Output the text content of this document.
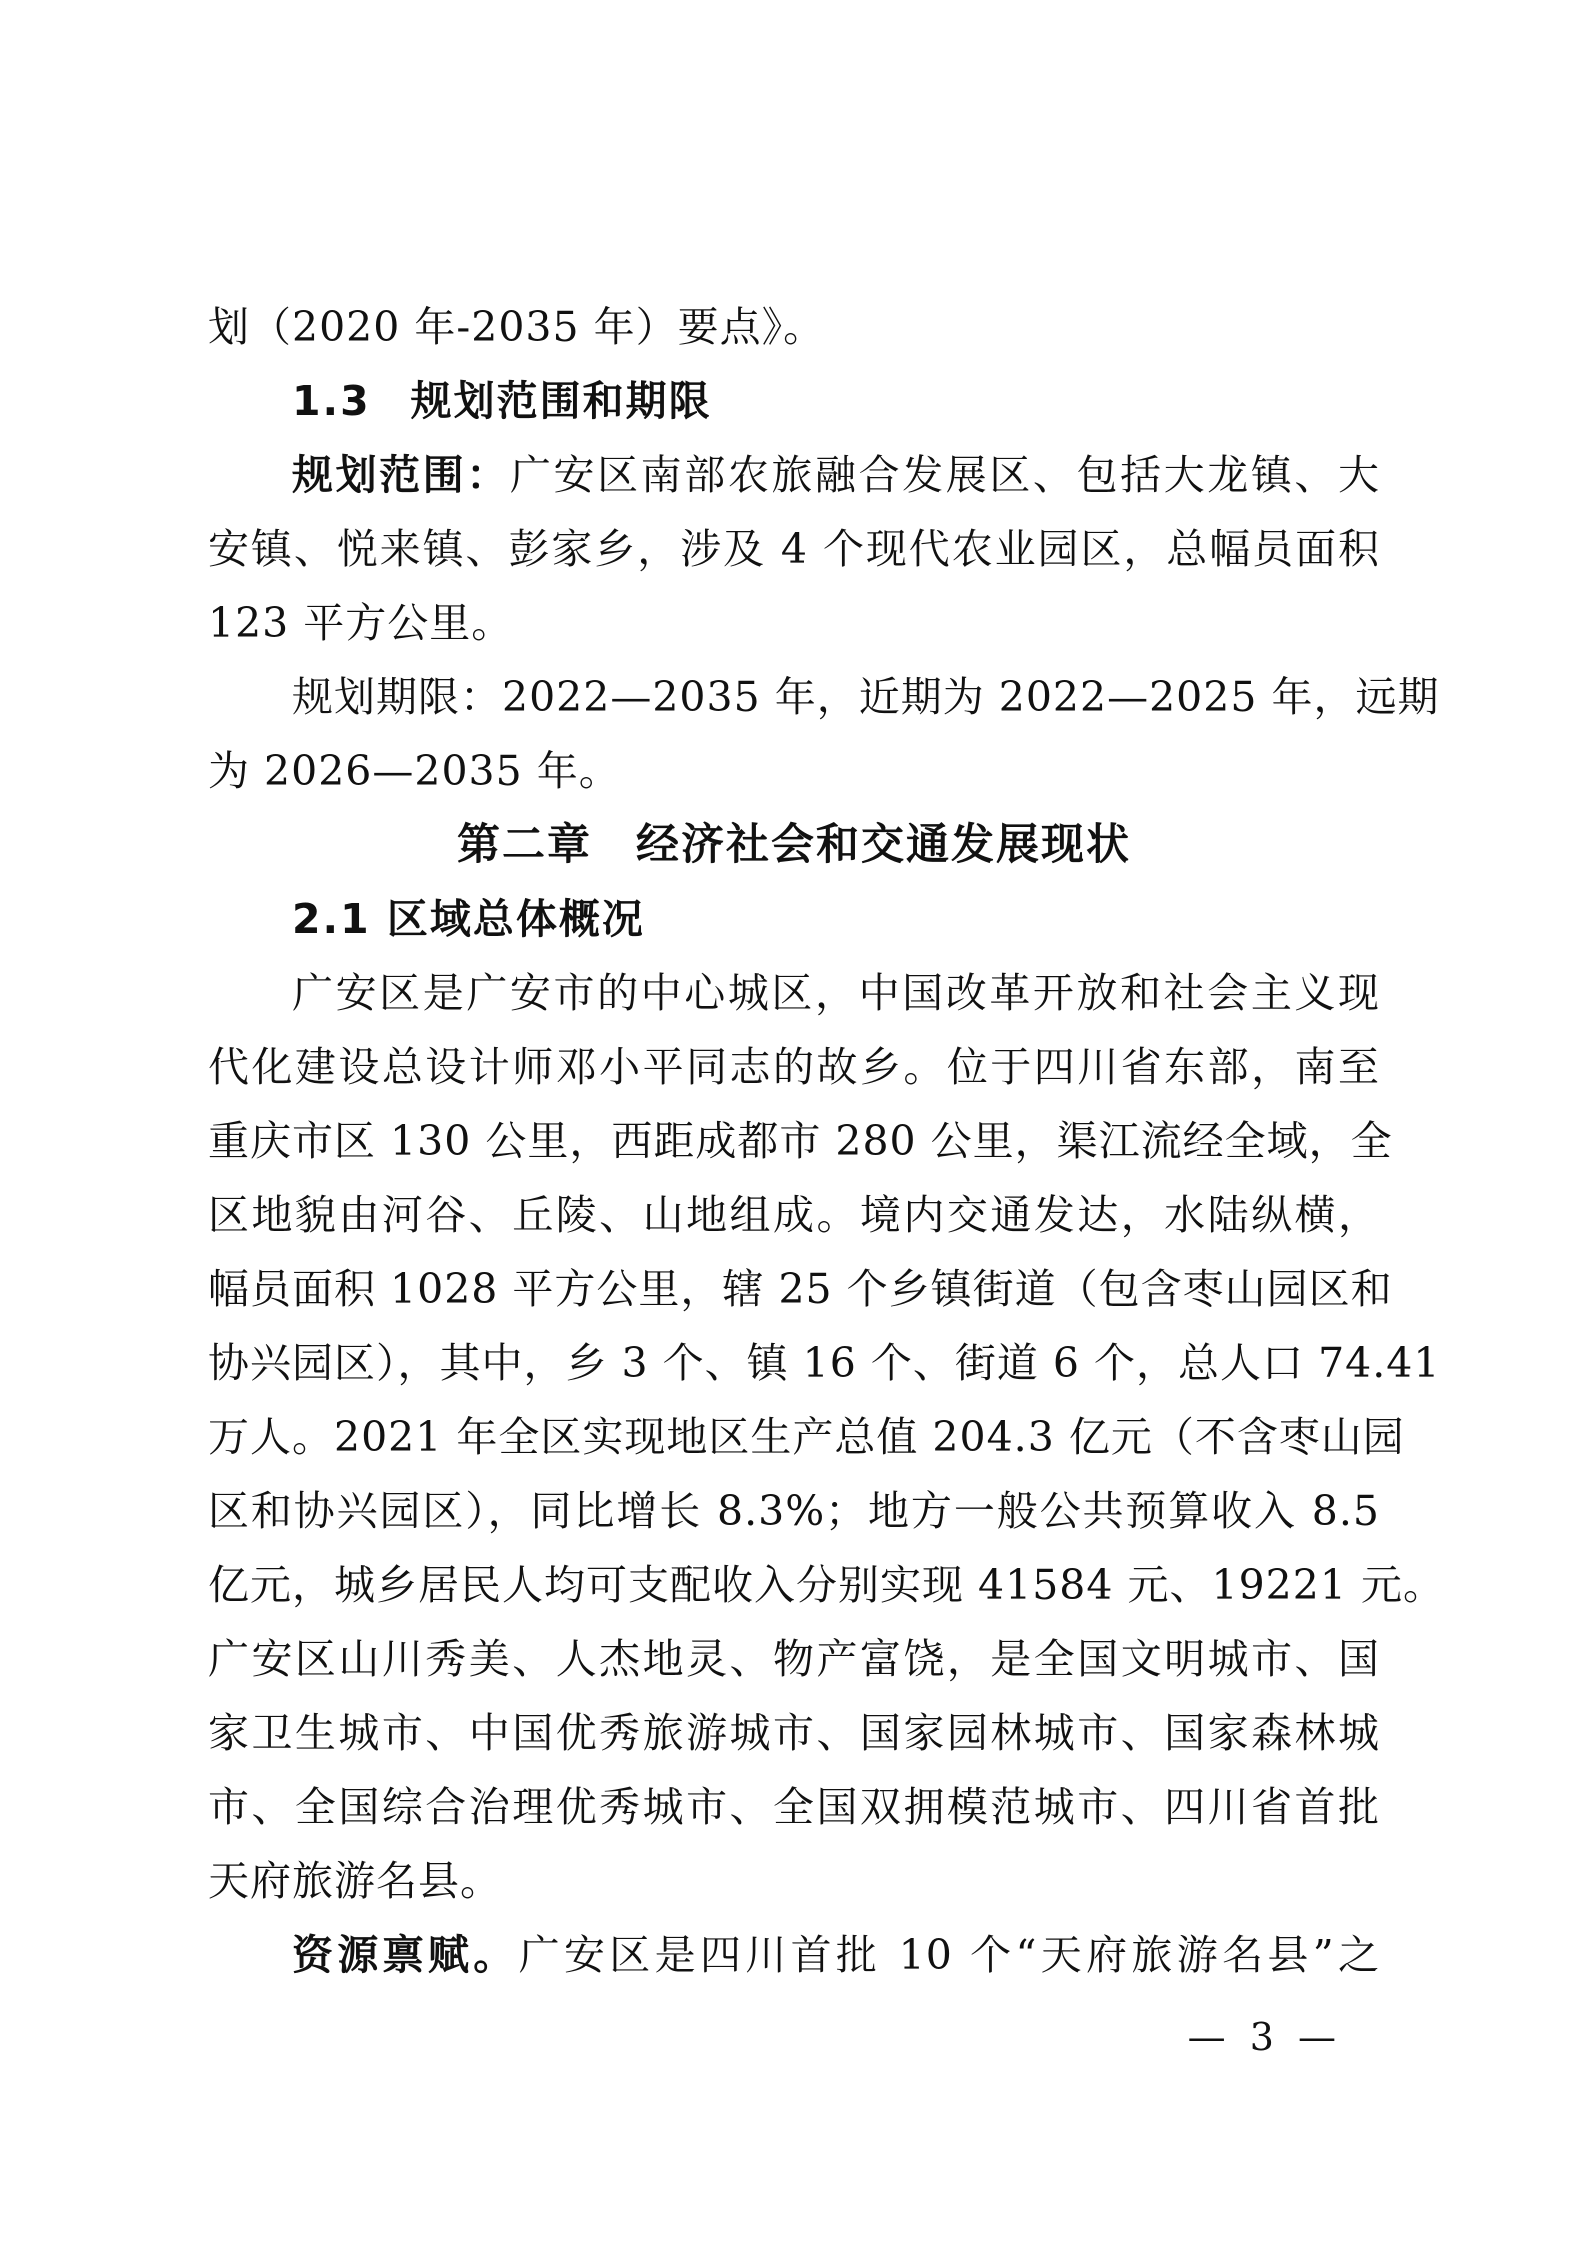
划（2020 年-2035 年）要点》。
1.3 规划范围和期限
规划范围：广安区南部农旅融合发展区、包括大龙镇、大
安镇、悦来镇、彭家乡，涉及 4 个现代农业园区，总幅员面积
123 平方公里。
规划期限：2022—2035 年，近期为 2022—2025 年，远期
为 2026—2035 年。
第二章 经济社会和交通发展现状
2.1 区域总体概况
广安区是广安市的中心城区，中国改革开放和社会主义现
代化建设总设计师邓小平同志的故乡。位于四川省东部，南至
重庆市区 130 公里，西距成都市 280 公里，渠江流经全域，全
区地貌由河谷、丘陵、山地组成。境内交通发达，水陆纵横，
幅员面积 1028 平方公里，辖 25 个乡镇街道（包含枣山园区和
协兴园区），其中，乡 3 个、镇 16 个、街道 6 个，总人口 74.41
万人。2021 年全区实现地区生产总值 204.3 亿元（不含枣山园
区和协兴园区），同比增长 8.3%；地方一般公共预算收入 8.5
亿元，城乡居民人均可支配收入分别实现 41584 元、19221 元。
广安区山川秀美、人杰地灵、物产富饶，是全国文明城市、国
家卫生城市、中国优秀旅游城市、国家园林城市、国家森林城
市、全国综合治理优秀城市、全国双拥模范城市、四川省首批
天府旅游名县。
资源禀赋。广安区是四川首批 10 个“天府旅游名县”之
— 3 —
